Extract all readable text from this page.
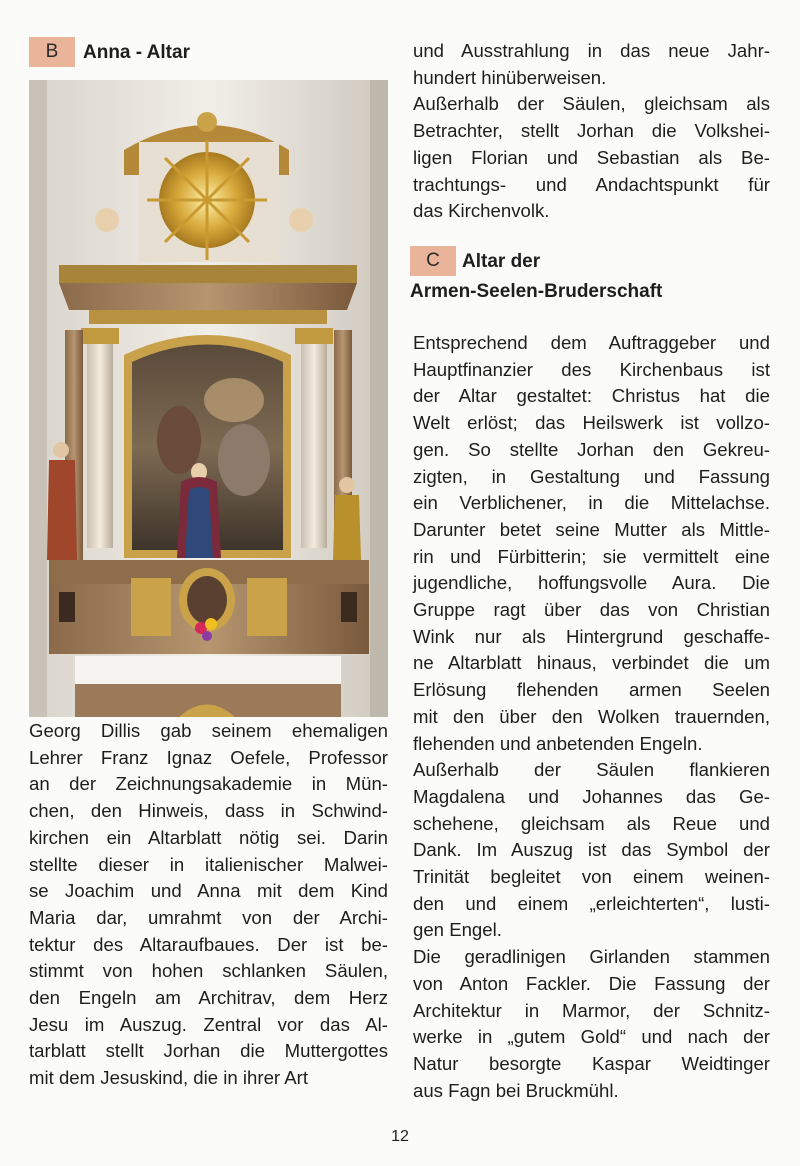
B	Anna - Altar

Georg Dillis gab seinem ehemaligen

Lehrer Franz Ignaz Oefele, Professor

an der Zeichnungsakademie in Mün-

chen, den Hinweis, dass in Schwind-

kirchen ein Altarblatt nötig sei. Darin

stellte dieser in italienischer Malwei-

se Joachim und Anna mit dem Kind

Maria dar, umrahmt von der Archi-

tektur des Altaraufbaues. Der ist be-

stimmt von hohen schlanken Säulen,

den Engeln am Architrav, dem Herz

Jesu im Auszug. Zentral vor das Al-

tarblatt stellt Jorhan die Muttergottes

mit dem Jesuskind, die in ihrer Art

und Ausstrahlung in das neue Jahr-

hundert hinüberweisen.

Außerhalb der Säulen, gleichsam als

Betrachter, stellt Jorhan die Volkshei-

ligen Florian und Sebastian als Be-

trachtungs- und Andachtspunkt für

das Kirchenvolk.

C	Altar der
Armen-Seelen-Bruderschaft

Entsprechend dem Auftraggeber und

Hauptfinanzier des Kirchenbaus ist

der Altar gestaltet: Christus hat die

Welt erlöst; das Heilswerk ist vollzo-

gen. So stellte Jorhan den Gekreu-

zigten, in Gestaltung und Fassung

ein Verblichener, in die Mittelachse.

Darunter betet seine Mutter als Mittle-

rin und Fürbitterin; sie vermittelt eine

jugendliche, hoffungsvolle Aura. Die

Gruppe ragt über das von Christian

Wink nur als Hintergrund geschaffe-

ne Altarblatt hinaus, verbindet die um

Erlösung flehenden armen Seelen

mit den über den Wolken trauernden,

flehenden und anbetenden Engeln.

Außerhalb der Säulen flankieren

Magdalena und Johannes das Ge-

schehene, gleichsam als Reue und

Dank. Im Auszug ist das Symbol der

Trinität begleitet von einem weinen-

den und einem „erleichterten“, lusti-

gen Engel.

Die geradlinigen Girlanden stammen

von Anton Fackler. Die Fassung der

Architektur in Marmor, der Schnitz-

werke in „gutem Gold“ und nach der

Natur besorgte Kaspar Weidtinger

aus Fagn bei Bruckmühl.

12
